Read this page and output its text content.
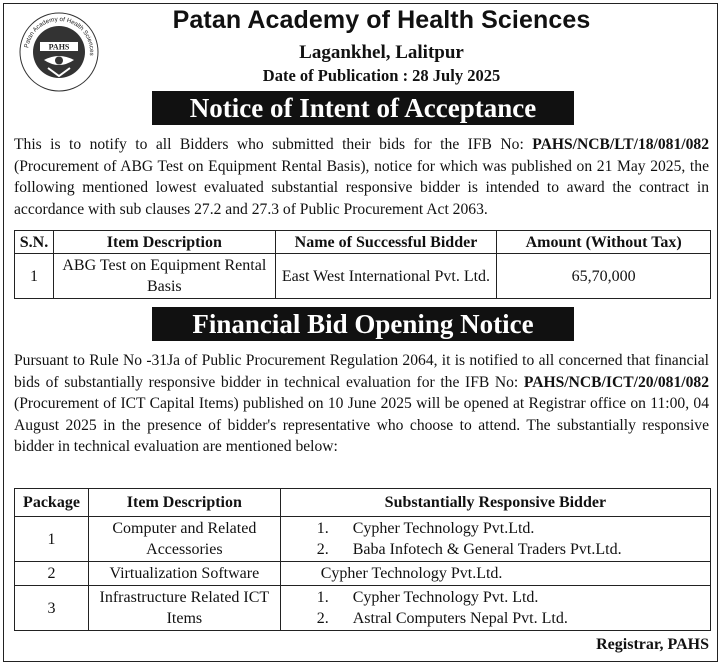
Patan Academy of Health Sciences
PAHS
Patan Academy of Health Sciences
Lagankhel, Lalitpur
Date of Publication : 28 July 2025
Notice of Intent of Acceptance

This is to notify to all Bidders who submitted their bids for the IFB No: PAHS/NCB/LT/18/081/082 (Procurement of ABG Test on Equipment Rental Basis), notice for which was published on 21 May 2025, the following mentioned lowest evaluated substantial responsive bidder is intended to award the contract in accordance with sub clauses 27.2 and 27.3 of Public Procurement Act 2063.

S.N.	Item Description	Name of Successful Bidder	Amount (Without Tax)
1	ABG Test on Equipment Rental Basis	East West International Pvt. Ltd.	65,70,000
Financial Bid Opening Notice

Pursuant to Rule No -31Ja of Public Procurement Regulation 2064, it is notified to all concerned that financial bids of substantially responsive bidder in technical evaluation for the IFB No: PAHS/NCB/ICT/20/081/082 (Procurement of ICT Capital Items) published on 10 June 2025 will be opened at Registrar office on 11:00, 04 August 2025 in the presence of bidder's representative who choose to attend. The substantially responsive bidder in technical evaluation are mentioned below:

Package	Item Description	Substantially Responsive Bidder
1	Computer and Related Accessories	1. Cypher Technology Pvt.Ltd.
2. Baba Infotech & General Traders Pvt.Ltd.

2	Virtualization Software	Cypher Technology Pvt.Ltd.
3	Infrastructure Related ICT Items	1. Cypher Technology Pvt. Ltd.
2. Astral Computers Nepal Pvt. Ltd.
Registrar, PAHS
